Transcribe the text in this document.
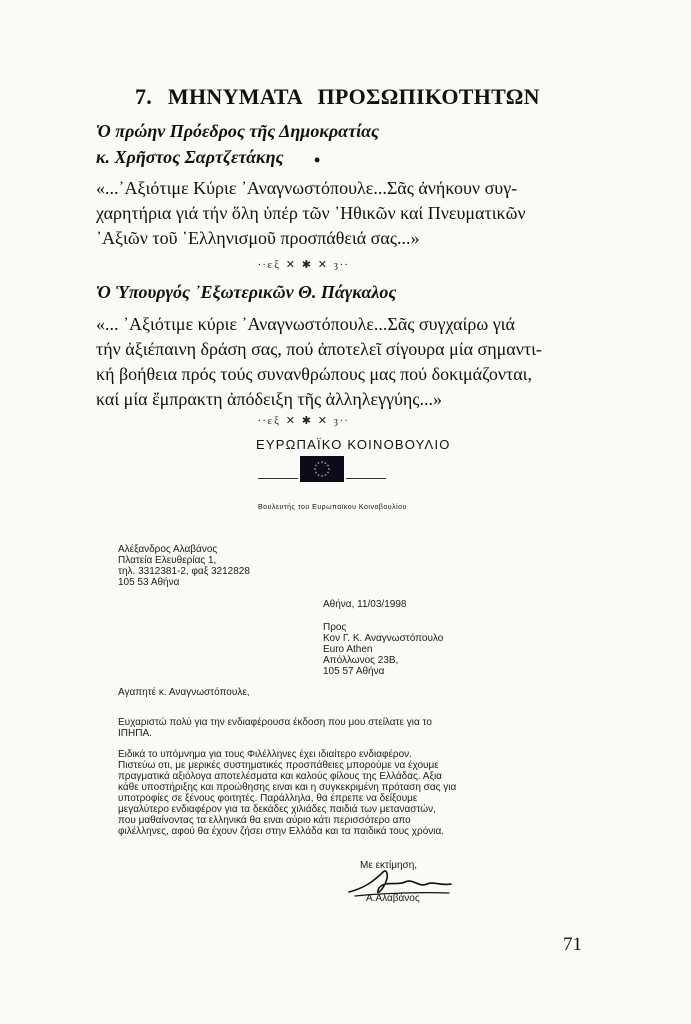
7. ΜΗΝΥΜΑΤΑ ΠΡΟΣΩΠΙΚΟΤΗΤΩΝ
Ὁ πρώην Πρόεδρος τῆς Δημοκρατίας
κ. Χρῆστος Σαρτζετάκης •
«...᾽Αξιότιμε Κύριε ᾽Αναγνωστόπουλε...Σᾶς ἀνήκουν συγ-
χαρητήρια γιά τήν ὅλη ὑπέρ τῶν ᾽Ηθικῶν καί Πνευματικῶν
᾽Αξιῶν τοῦ ῾Ελληνισμοῦ προσπάθειά σας...»
∙∙εξ ✕ ✱ ✕ ȝ∙∙
Ὁ Ὑπουργός ᾽Εξωτερικῶν Θ. Πάγκαλος
«... ᾽Αξιότιμε κύριε ᾽Αναγνωστόπουλε...Σᾶς συγχαίρω γιά
τήν ἀξιέπαινη δράση σας, πού ἀποτελεῖ σίγουρα μία σημαντι-
κή βοήθεια πρός τούς συνανθρώπους μας πού δοκιμάζονται,
καί μία ἔμπρακτη ἀπόδειξη τῆς ἀλληλεγγύης...»
∙∙εξ ✕ ✱ ✕ ȝ∙∙
ΕΥΡΩΠΑΪΚΟ ΚΟΙΝΟΒΟΥΛΙΟ
Βουλευτής του Ευρωπαϊκου Κοινοβουλίου
Αλέξανδρος Αλαβάνος
Πλατεία Ελευθερίας 1,
τηλ. 3312381-2, φαξ 3212828
105 53 Αθήνα
Αθήνα, 11/03/1998
Προς
Κον Γ. Κ. Αναγνωστόπουλο
Euro Athen
Απόλλωνος 23Β,
105 57 Αθήνα
Αγαπητέ κ. Αναγνωστόπουλε,
Ευχαριστώ πολύ για την ενδιαφέρουσα έκδοση που μου στείλατε για το
ΙΠΗΠΑ.
Ειδικά το υπόμνημα για τους Φιλέλληνες έχει ιδιαίτερο ενδιαφέρον.
Πιστεύω οτι, με μερικές συστηματικές προσπάθειες μπορούμε να έχουμε
πραγματικά αξιόλογα αποτελέσματα και καλούς φίλους της Ελλάδας. Αξια
κάθε υποστήριξης και προώθησης ειναι και η συγκεκριμένη πρόταση σας για
υποτροφίες σε ξένους φοιτητές. Παράλληλα, θα έπρεπε να δείξουμε
μεγαλύτερο ενδιαφέρον για τα δεκάδες χιλιάδες παιδιά των μεταναστών,
που μαθαίνοντας τα ελληνικά θα ειναι αύριο κάτι περισσότερο απο
φιλέλληνες, αφού θα έχουν ζήσει στην Ελλάδα και τα παιδικά τους χρόνια.
Με εκτίμηση,
Α.Αλαβάνος
71
